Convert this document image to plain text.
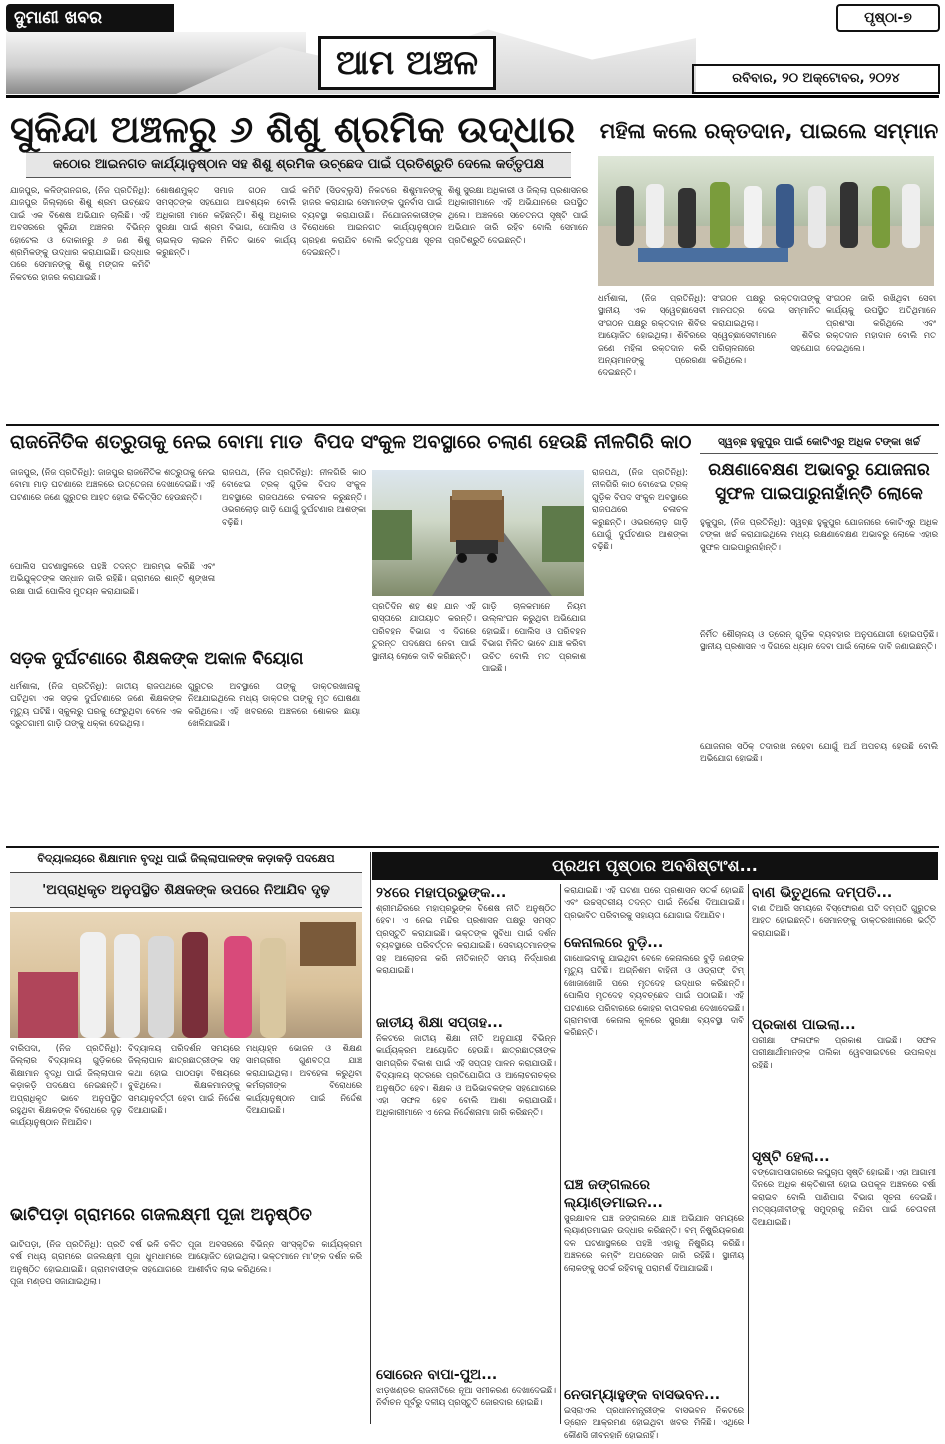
ଦୁମାଣୀ ଖବର
ଆମ ଅଞ୍ଚଳ
ପୃଷ୍ଠା-୭
ରବିବାର, ୨୦ ଅକ୍ଟୋବର, ୨୦୨୪
ସୁକିନ୍ଦା ଅଞ୍ଚଳରୁ ୬ ଶିଶୁ ଶ୍ରମିକ ଉଦ୍ଧାର
କଠୋର ଆଇନଗତ କାର୍ଯ୍ୟାନୁଷ୍ଠାନ ସହ ଶିଶୁ ଶ୍ରମିକ ଉଚ୍ଛେଦ ପାଇଁ ପ୍ରତିଶ୍ରୁତି ଦେଲେ କର୍ତ୍ତୃପକ୍ଷ
ଯାଜପୁର, କଳିଙ୍ଗନଗର, (ନିଜ ପ୍ରତିନିଧି): ଯାଜପୁର ଜିଲ୍ଲାରେ ଶିଶୁ ଶ୍ରମ ଉଚ୍ଛେଦ ପାଇଁ ଏକ ବିଶେଷ ଅଭିଯାନ ଚାଲିଛି। ଏହି ଅବସରରେ ସୁକିନ୍ଦା ଅଞ୍ଚଳର ବିଭିନ୍ନ ହୋଟେଲ ଓ ଦୋକାନରୁ ୬ ଜଣ ଶିଶୁ ଶ୍ରମିକଙ୍କୁ ଉଦ୍ଧାର କରାଯାଇଛି। ଉଦ୍ଧାର ପରେ ସେମାନଙ୍କୁ ଶିଶୁ ମଙ୍ଗଳ କମିଟି ନିକଟରେ ହାଜର କରାଯାଇଛି।
ଶୋଷଣମୁକ୍ତ ସମାଜ ଗଠନ ପାଇଁ ସମସ୍ତଙ୍କ ସହଯୋଗ ଆବଶ୍ୟକ ବୋଲି ଅଧିକାରୀ ମାନେ କହିଛନ୍ତି। ଶିଶୁ ଅଧିକାର ସୁରକ୍ଷା ପାଇଁ ଶ୍ରମ ବିଭାଗ, ପୋଲିସ ଓ ଚାଇଲ୍ଡ ଲାଇନ ମିଳିତ ଭାବେ କାର୍ଯ୍ୟ କରୁଛନ୍ତି।
କମିଟି (ସିଡବ୍ଲୁସି) ନିକଟରେ ଶିଶୁମାନଙ୍କୁ ହାଜର କରାଯାଇ ସେମାନଙ୍କ ପୁନର୍ବାସ ପାଇଁ ବ୍ୟବସ୍ଥା କରାଯାଉଛି। ନିଯୋଜନକାରୀଙ୍କ ବିରୋଧରେ ଆଇନଗତ କାର୍ଯ୍ୟାନୁଷ୍ଠାନ ଗ୍ରହଣ କରାଯିବ ବୋଲି କର୍ତ୍ତୃପକ୍ଷ ସୂଚନା ଦେଇଛନ୍ତି।
ଶିଶୁ ସୁରକ୍ଷା ଅଧିକାରୀ ଓ ଜିଲ୍ଲା ପ୍ରଶାସନର ଅଧିକାରୀମାନେ ଏହି ଅଭିଯାନରେ ଉପସ୍ଥିତ ଥିଲେ। ଅଞ୍ଚଳରେ ସଚେତନତା ସୃଷ୍ଟି ପାଇଁ ଅଭିଯାନ ଜାରି ରହିବ ବୋଲି ସେମାନେ ପ୍ରତିଶ୍ରୁତି ଦେଇଛନ୍ତି।
ମହିଳା କଲେ ରକ୍ତଦାନ, ପାଇଲେ ସମ୍ମାନ
ଧର୍ମଶାଳା, (ନିଜ ପ୍ରତିନିଧି): ସ୍ଥାନୀୟ ଏକ ସ୍ୱେଚ୍ଛାସେବୀ ସଂଗଠନ ପକ୍ଷରୁ ରକ୍ତଦାନ ଶିବିର ଆୟୋଜିତ ହୋଇଥିଲା। ଶିବିରରେ ଜଣେ ମହିଳା ରକ୍ତଦାନ କରି ଅନ୍ୟମାନଙ୍କୁ ପ୍ରେରଣା ଦେଇଛନ୍ତି।
ସଂଗଠନ ପକ୍ଷରୁ ରକ୍ତଦାତାଙ୍କୁ ମାନପତ୍ର ଦେଇ ସମ୍ମାନିତ କରାଯାଇଥିଲା। ସ୍ୱେଚ୍ଛାସେବୀମାନେ ଶିବିର ପରିଚାଳନାରେ ସହଯୋଗ କରିଥିଲେ।
ସଂଗଠନ ଜାରି ରଖିଥିବା ସେବା କାର୍ଯ୍ୟକୁ ଉପସ୍ଥିତ ଅତିଥିମାନେ ପ୍ରଶଂସା କରିଥିଲେ ଏବଂ ରକ୍ତଦାନ ମହାଦାନ ବୋଲି ମତ ଦେଇଥିଲେ।
ରାଜନୈତିକ ଶତ୍ରୁତାକୁ ନେଇ ବୋମା ମାଡ ବିପଦ ସଂକୁଳ ଅବସ୍ଥାରେ ଚଲାଣ ହେଉଛି ନୀଳଗିରି କାଠ
ଜାଜପୁର, (ନିଜ ପ୍ରତିନିଧି): ଜାଜପୁର ରାଜନୈତିକ ଶତ୍ରୁତାକୁ ନେଇ ବୋମା ମାଡ଼ ଘଟଣାରେ ଅଞ୍ଚଳରେ ଉତ୍ତେଜନା ଦେଖାଦେଇଛି। ଏହି ଘଟଣାରେ ଜଣେ ଗୁରୁତର ଆହତ ହୋଇ ଚିକିତ୍ସିତ ହେଉଛନ୍ତି।
ପୋଲିସ ଘଟଣାସ୍ଥଳରେ ପହଞ୍ଚି ତଦନ୍ତ ଆରମ୍ଭ କରିଛି ଏବଂ ଅଭିଯୁକ୍ତଙ୍କ ସନ୍ଧାନ ଜାରି ରହିଛି। ଗ୍ରାମରେ ଶାନ୍ତି ଶୃଙ୍ଖଳା ରକ୍ଷା ପାଇଁ ପୋଲିସ ମୁତୟନ କରାଯାଇଛି।
ସଡ଼କ ଦୁର୍ଘଟଣାରେ ଶିକ୍ଷକଙ୍କ ଅକାଳ ବିୟୋଗ
ଧର୍ମଶାଳା, (ନିଜ ପ୍ରତିନିଧି): ଜାତୀୟ ରାଜପଥରେ ଘଟିଥିବା ଏକ ସଡ଼କ ଦୁର୍ଘଟଣାରେ ଜଣେ ଶିକ୍ଷକଙ୍କ ମୃତ୍ୟୁ ଘଟିଛି। ସ୍କୁଲରୁ ଘରକୁ ଫେରୁଥିବା ବେଳେ ଏକ ଦ୍ରୁତଗାମୀ ଗାଡ଼ି ତାଙ୍କୁ ଧକ୍କା ଦେଇଥିଲା।
ଗୁରୁତର ଅବସ୍ଥାରେ ତାଙ୍କୁ ଡାକ୍ତରଖାନାକୁ ନିଆଯାଇଥିଲେ ମଧ୍ୟ ଡାକ୍ତର ତାଙ୍କୁ ମୃତ ଘୋଷଣା କରିଥିଲେ। ଏହି ଖବରରେ ଅଞ୍ଚଳରେ ଶୋକର ଛାୟା ଖେଳିଯାଇଛି।
ରାଜପଥ, (ନିଜ ପ୍ରତିନିଧି): ନୀଳଗିରି କାଠ ବୋଝେଇ ଟ୍ରକ୍ ଗୁଡ଼ିକ ବିପଦ ସଂକୁଳ ଅବସ୍ଥାରେ ରାଜପଥରେ ଚଳାଚଳ କରୁଛନ୍ତି। ଓଭରଲୋଡ଼ ଗାଡ଼ି ଯୋଗୁଁ ଦୁର୍ଘଟଣାର ଆଶଙ୍କା ବଢ଼ିଛି।
ପ୍ରତିଦିନ ଶହ ଶହ ଯାନ ଏହି ରାସ୍ତାରେ ଯାତାୟାତ କରନ୍ତି। ପରିବହନ ବିଭାଗ ଏ ଦିଗରେ ତୁରନ୍ତ ପଦକ୍ଷେପ ନେବା ପାଇଁ ସ୍ଥାନୀୟ ଲୋକେ ଦାବି କରିଛନ୍ତି।
ଗାଡ଼ି ଚାଳକମାନେ ନିୟମ ଉଲ୍ଲଂଘନ କରୁଥିବା ଅଭିଯୋଗ ହୋଇଛି। ପୋଲିସ ଓ ପରିବହନ ବିଭାଗ ମିଳିତ ଭାବେ ଯାଞ୍ଚ କରିବା ଉଚିତ ବୋଲି ମତ ପ୍ରକାଶ ପାଇଛି।
ରାଜପଥ, (ନିଜ ପ୍ରତିନିଧି): ନୀଳଗିରି କାଠ ବୋଝେଇ ଟ୍ରକ୍ ଗୁଡ଼ିକ ବିପଦ ସଂକୁଳ ଅବସ୍ଥାରେ ରାଜପଥରେ ଚଳାଚଳ କରୁଛନ୍ତି। ଓଭରଲୋଡ଼ ଗାଡ଼ି ଯୋଗୁଁ ଦୁର୍ଘଟଣାର ଆଶଙ୍କା ବଢ଼ିଛି।
ସ୍ୱଚ୍ଛ ହୁକୁପୁର ପାଇଁ କୋଟିଏରୁ ଅଧିକ ଟଙ୍କା ଖର୍ଚ୍ଚ
ରକ୍ଷଣାବେକ୍ଷଣ ଅଭାବରୁ ଯୋଜନାର ସୁଫଳ ପାଇପାରୁନାହାଁନ୍ତି ଲୋକେ
ହୁକୁପୁର, (ନିଜ ପ୍ରତିନିଧି): ସ୍ୱଚ୍ଛ ହୁକୁପୁର ଯୋଜନାରେ କୋଟିଏରୁ ଅଧିକ ଟଙ୍କା ଖର୍ଚ୍ଚ କରାଯାଇଥିଲେ ମଧ୍ୟ ରକ୍ଷଣାବେକ୍ଷଣ ଅଭାବରୁ ଲୋକେ ଏହାର ସୁଫଳ ପାଇପାରୁନାହାଁନ୍ତି।
ନିର୍ମିତ ଶୌଚାଳୟ ଓ ଡ୍ରେନ୍ ଗୁଡ଼ିକ ବ୍ୟବହାର ଅନୁପଯୋଗୀ ହୋଇପଡ଼ିଛି। ସ୍ଥାନୀୟ ପ୍ରଶାସନ ଏ ଦିଗରେ ଧ୍ୟାନ ଦେବା ପାଇଁ ଲୋକେ ଦାବି ଜଣାଇଛନ୍ତି।
ଯୋଜନାର ସଠିକ୍ ତଦାରଖ ନହେବା ଯୋଗୁଁ ଅର୍ଥ ଅପଚୟ ହେଉଛି ବୋଲି ଅଭିଯୋଗ ହୋଇଛି।
ବିଦ୍ୟାଳୟରେ ଶିକ୍ଷାମାନ ବୃଦ୍ଧି ପାଇଁ ଜିଲ୍ଲାପାଳଙ୍କ କଡ଼ାକଡ଼ି ପଦକ୍ଷେପ
'ଅପ୍ରାଧିକୃତ ଅନୁପସ୍ଥିତ ଶିକ୍ଷକଙ୍କ ଉପରେ ନିଆଯିବ ଦୃଢ଼
ବାରିପଦା, (ନିଜ ପ୍ରତିନିଧି): ଜିଲ୍ଲାର ବିଦ୍ୟାଳୟ ଗୁଡ଼ିକରେ ଶିକ୍ଷାମାନ ବୃଦ୍ଧି ପାଇଁ ଜିଲ୍ଲାପାଳ କଡ଼ାକଡ଼ି ପଦକ୍ଷେପ ନେଇଛନ୍ତି। ଅପ୍ରାଧିକୃତ ଭାବେ ଅନୁପସ୍ଥିତ ରହୁଥିବା ଶିକ୍ଷକଙ୍କ ବିରୋଧରେ ଦୃଢ଼ କାର୍ଯ୍ୟାନୁଷ୍ଠାନ ନିଆଯିବ।
ବିଦ୍ୟାଳୟ ପରିଦର୍ଶନ ସମୟରେ ଜିଲ୍ଲାପାଳ ଛାତ୍ରଛାତ୍ରୀଙ୍କ ସହ କଥା ହୋଇ ପାଠପଢ଼ା ବିଷୟରେ ବୁଝିଥିଲେ। ଶିକ୍ଷକମାନଙ୍କୁ ସମୟାନୁବର୍ତ୍ତୀ ହେବା ପାଇଁ ନିର୍ଦ୍ଦେଶ ଦିଆଯାଇଛି।
ମଧ୍ୟାହ୍ନ ଭୋଜନ ଓ ଶିକ୍ଷଣ ସାମଗ୍ରୀର ଗୁଣବତ୍ତା ଯାଞ୍ଚ କରାଯାଇଥିଲା। ଅବହେଳା କରୁଥିବା କର୍ମଚାରୀଙ୍କ ବିରୋଧରେ କାର୍ଯ୍ୟାନୁଷ୍ଠାନ ପାଇଁ ନିର୍ଦ୍ଦେଶ ଦିଆଯାଇଛି।
ଭାଟିପଡ଼ା ଗ୍ରାମରେ ଗଜଲକ୍ଷ୍ମୀ ପୂଜା ଅନୁଷ୍ଠିତ
ଭାଟିପଡ଼ା, (ନିଜ ପ୍ରତିନିଧି): ପ୍ରତି ବର୍ଷ ଭଳି ଚଳିତ ବର୍ଷ ମଧ୍ୟ ଗ୍ରାମରେ ଗଜଲକ୍ଷ୍ମୀ ପୂଜା ଧୁମଧାମରେ ଅନୁଷ୍ଠିତ ହୋଇଯାଇଛି। ଗ୍ରାମବାସୀଙ୍କ ସହଯୋଗରେ ପୂଜା ମଣ୍ଡପ ସଜାଯାଇଥିଲା।
ପୂଜା ଅବସରରେ ବିଭିନ୍ନ ସାଂସ୍କୃତିକ କାର୍ଯ୍ୟକ୍ରମ ଆୟୋଜିତ ହୋଇଥିଲା। ଭକ୍ତମାନେ ମା'ଙ୍କ ଦର୍ଶନ କରି ଆଶୀର୍ବାଦ ଲାଭ କରିଥିଲେ।
ପ୍ରଥମ ପୃଷ୍ଠାର ଅବଶିଷ୍ଟାଂଶ...
୨୪ରେ ମହାପ୍ରଭୁଙ୍କ...
ଶ୍ରୀମନ୍ଦିରରେ ମହାପ୍ରଭୁଙ୍କ ବିଶେଷ ନୀତି ଅନୁଷ୍ଠିତ ହେବ। ଏ ନେଇ ମନ୍ଦିର ପ୍ରଶାସନ ପକ୍ଷରୁ ସମସ୍ତ ପ୍ରସ୍ତୁତି କରାଯାଇଛି। ଭକ୍ତଙ୍କ ସୁବିଧା ପାଇଁ ଦର୍ଶନ ବ୍ୟବସ୍ଥାରେ ପରିବର୍ତ୍ତନ କରାଯାଇଛି। ସେବାୟତମାନଙ୍କ ସହ ଆଲୋଚନା କରି ନୀତିକାନ୍ତି ସମୟ ନିର୍ଦ୍ଧାରଣ କରାଯାଇଛି।
ଜାତୀୟ ଶିକ୍ଷା ସପ୍ତାହ...
ନିକଟରେ ଜାତୀୟ ଶିକ୍ଷା ନୀତି ଅନୁଯାୟୀ ବିଭିନ୍ନ କାର୍ଯ୍ୟକ୍ରମ ଆୟୋଜିତ ହେଉଛି। ଛାତ୍ରଛାତ୍ରୀଙ୍କ ସାମଗ୍ରିକ ବିକାଶ ପାଇଁ ଏହି ସପ୍ତାହ ପାଳନ କରାଯାଉଛି। ବିଦ୍ୟାଳୟ ସ୍ତରରେ ପ୍ରତିଯୋଗିତା ଓ ଆଲୋଚନାଚକ୍ର ଅନୁଷ୍ଠିତ ହେବ। ଶିକ୍ଷକ ଓ ଅଭିଭାବକଙ୍କ ସହଯୋଗରେ ଏହା ସଫଳ ହେବ ବୋଲି ଆଶା କରାଯାଉଛି। ଅଧିକାରୀମାନେ ଏ ନେଇ ନିର୍ଦ୍ଦେଶନାମା ଜାରି କରିଛନ୍ତି।
ସୋରେନ ବାପା-ପୁଅ...
ଝାଡ଼ଖଣ୍ଡର ରାଜନୀତିରେ ନୂଆ ସମୀକରଣ ଦେଖାଦେଇଛି। ନିର୍ବାଚନ ପୂର୍ବରୁ ଦଳୀୟ ପ୍ରସ୍ତୁତି ଜୋରଦାର ହୋଇଛି।
କରାଯାଇଛି। ଏହି ଘଟଣା ପରେ ପ୍ରଶାସନ ସତର୍କ ହୋଇଛି ଏବଂ ଉଚ୍ଚସ୍ତରୀୟ ତଦନ୍ତ ପାଇଁ ନିର୍ଦ୍ଦେଶ ଦିଆଯାଇଛି। ପ୍ରଭାବିତ ପରିବାରକୁ ସହାୟତା ଯୋଗାଇ ଦିଆଯିବ।
କେନାଲରେ ବୁଡ଼ି...
ଗାଧୋଇବାକୁ ଯାଇଥିବା ବେଳେ କେନାଲରେ ବୁଡ଼ି ଜଣଙ୍କ ମୃତ୍ୟୁ ଘଟିଛି। ଅଗ୍ନିଶମ ବାହିନୀ ଓ ଓଡ୍ରାଫ୍ ଟିମ୍ ଖୋଜାଖୋଜି ପରେ ମୃତଦେହ ଉଦ୍ଧାର କରିଛନ୍ତି। ପୋଲିସ ମୃତଦେହ ବ୍ୟବଚ୍ଛେଦ ପାଇଁ ପଠାଇଛି। ଏହି ଘଟଣାରେ ପରିବାରରେ କୋହର ବାତାବରଣ ଦେଖାଦେଇଛି। ଗ୍ରାମବାସୀ କେନାଲ କୂଳରେ ସୁରକ୍ଷା ବ୍ୟବସ୍ଥା ଦାବି କରିଛନ୍ତି।
ଘଞ୍ଚ ଜଙ୍ଗଲରେ ଲ୍ୟାଣ୍ଡମାଇନ...
ସୁରକ୍ଷାବଳ ଘଞ୍ଚ ଜଙ୍ଗଲରେ ଯାଞ୍ଚ ଅଭିଯାନ ସମୟରେ ଲ୍ୟାଣ୍ଡମାଇନ ଉଦ୍ଧାର କରିଛନ୍ତି। ବମ୍ ନିଷ୍କ୍ରିୟକରଣ ଦଳ ଘଟଣାସ୍ଥଳରେ ପହଞ୍ଚି ଏହାକୁ ନିଷ୍କ୍ରିୟ କରିଛି। ଅଞ୍ଚଳରେ କମ୍ବିଂ ଅପରେସନ ଜାରି ରହିଛି। ସ୍ଥାନୀୟ ଲୋକଙ୍କୁ ସତର୍କ ରହିବାକୁ ପରାମର୍ଶ ଦିଆଯାଇଛି।
ନେତାମ୍ୟାହୁଙ୍କ ବାସଭବନ...
ଇସ୍ରାଏଲ ପ୍ରଧାନମନ୍ତ୍ରୀଙ୍କ ବାସଭବନ ନିକଟରେ ଡ୍ରୋନ ଆକ୍ରମଣ ହୋଇଥିବା ଖବର ମିଳିଛି। ଏଥିରେ କୌଣସି ଜୀବନହାନି ହୋଇନାହିଁ।
ବାଣ ଭିତୁଥିଲେ ଦମ୍ପତି...
ବାଣ ତିଆରି ସମୟରେ ବିସ୍ଫୋରଣ ଘଟି ଦମ୍ପତି ଗୁରୁତର ଆହତ ହୋଇଛନ୍ତି। ସେମାନଙ୍କୁ ଡାକ୍ତରଖାନାରେ ଭର୍ତ୍ତି କରାଯାଇଛି।
ପ୍ରକାଶ ପାଇଲା...
ପରୀକ୍ଷା ଫଳାଫଳ ପ୍ରକାଶ ପାଇଛି। ସଫଳ ପରୀକ୍ଷାର୍ଥୀମାନଙ୍କ ତାଲିକା ୱେବସାଇଟରେ ଉପଲବ୍ଧ ରହିଛି।
ସୃଷ୍ଟି ହେଲା...
ବଙ୍ଗୋପସାଗରରେ ଲଘୁଚାପ ସୃଷ୍ଟି ହୋଇଛି। ଏହା ଆଗାମୀ ଦିନରେ ଅଧିକ ଶକ୍ତିଶାଳୀ ହୋଇ ଉପକୂଳ ଅଞ୍ଚଳରେ ବର୍ଷା କରାଇବ ବୋଲି ପାଣିପାଗ ବିଭାଗ ସୂଚନା ଦେଇଛି। ମତ୍ସ୍ୟଜୀବୀଙ୍କୁ ସମୁଦ୍ରକୁ ନଯିବା ପାଇଁ ଚେତାବନୀ ଦିଆଯାଇଛି।
